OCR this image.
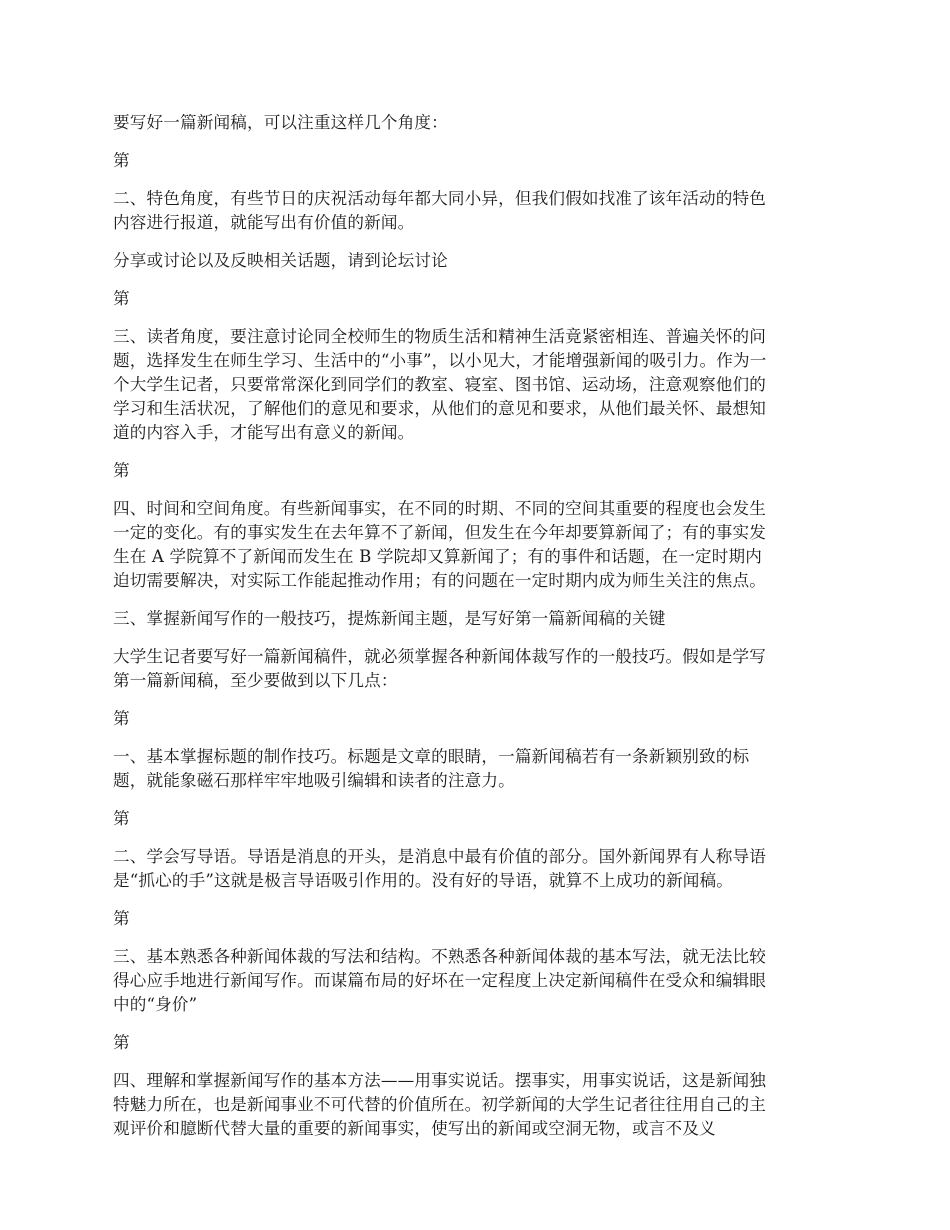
要写好一篇新闻稿，可以注重这样几个角度：

第

二、特色角度，有些节日的庆祝活动每年都大同小异，但我们假如找准了该年活动的特色
内容进行报道，就能写出有价值的新闻。

分享或讨论以及反映相关话题，请到论坛讨论

第

三、读者角度，要注意讨论同全校师生的物质生活和精神生活竟紧密相连、普遍关怀的问
题，选择发生在师生学习、生活中的“小事”，以小见大，才能增强新闻的吸引力。作为一
个大学生记者，只要常常深化到同学们的教室、寝室、图书馆、运动场，注意观察他们的
学习和生活状况，了解他们的意见和要求，从他们的意见和要求，从他们最关怀、最想知
道的内容入手，才能写出有意义的新闻。

第

四、时间和空间角度。有些新闻事实，在不同的时期、不同的空间其重要的程度也会发生
一定的变化。有的事实发生在去年算不了新闻，但发生在今年却要算新闻了；有的事实发
生在 A 学院算不了新闻而发生在 B 学院却又算新闻了；有的事件和话题，在一定时期内
迫切需要解决，对实际工作能起推动作用；有的问题在一定时期内成为师生关注的焦点。

三、掌握新闻写作的一般技巧，提炼新闻主题，是写好第一篇新闻稿的关键

大学生记者要写好一篇新闻稿件，就必须掌握各种新闻体裁写作的一般技巧。假如是学写
第一篇新闻稿，至少要做到以下几点：

第

一、基本掌握标题的制作技巧。标题是文章的眼睛，一篇新闻稿若有一条新颖别致的标
题，就能象磁石那样牢牢地吸引编辑和读者的注意力。

第

二、学会写导语。导语是消息的开头，是消息中最有价值的部分。国外新闻界有人称导语
是“抓心的手”这就是极言导语吸引作用的。没有好的导语，就算不上成功的新闻稿。

第

三、基本熟悉各种新闻体裁的写法和结构。不熟悉各种新闻体裁的基本写法，就无法比较
得心应手地进行新闻写作。而谋篇布局的好坏在一定程度上决定新闻稿件在受众和编辑眼
中的“身价”

第

四、理解和掌握新闻写作的基本方法——用事实说话。摆事实，用事实说话，这是新闻独
特魅力所在，也是新闻事业不可代替的价值所在。初学新闻的大学生记者往往用自己的主
观评价和臆断代替大量的重要的新闻事实，使写出的新闻或空洞无物，或言不及义
